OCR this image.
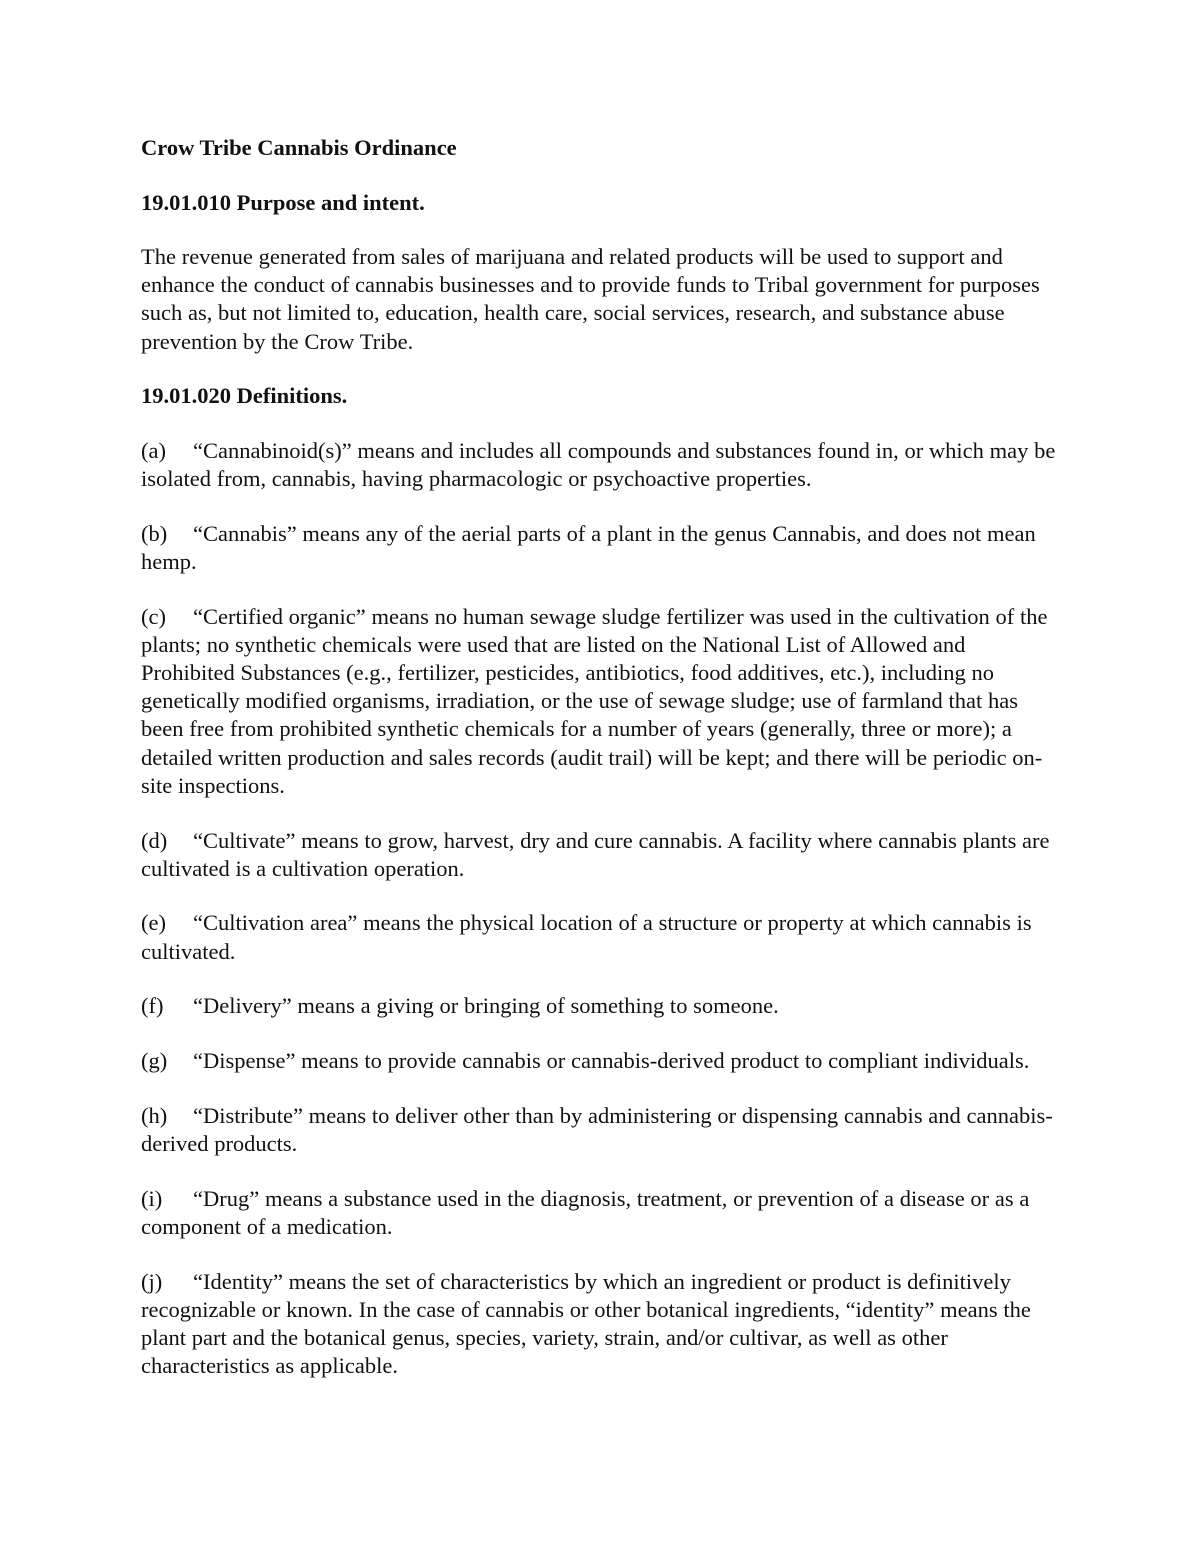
Crow Tribe Cannabis Ordinance

19.01.010 Purpose and intent.

The revenue generated from sales of marijuana and related products will be used to support and enhance the conduct of cannabis businesses and to provide funds to Tribal government for purposes such as, but not limited to, education, health care, social services, research, and substance abuse prevention by the Crow Tribe.

19.01.020 Definitions.

(a) “Cannabinoid(s)” means and includes all compounds and substances found in, or which may be isolated from, cannabis, having pharmacologic or psychoactive properties.

(b) “Cannabis” means any of the aerial parts of a plant in the genus Cannabis, and does not mean hemp.

(c) “Certified organic” means no human sewage sludge fertilizer was used in the cultivation of the plants; no synthetic chemicals were used that are listed on the National List of Allowed and Prohibited Substances (e.g., fertilizer, pesticides, antibiotics, food additives, etc.), including no genetically modified organisms, irradiation, or the use of sewage sludge; use of farmland that has been free from prohibited synthetic chemicals for a number of years (generally, three or more); a detailed written production and sales records (audit trail) will be kept; and there will be periodic on-site inspections.

(d) “Cultivate” means to grow, harvest, dry and cure cannabis. A facility where cannabis plants are cultivated is a cultivation operation.

(e) “Cultivation area” means the physical location of a structure or property at which cannabis is cultivated.

(f) “Delivery” means a giving or bringing of something to someone.

(g) “Dispense” means to provide cannabis or cannabis-derived product to compliant individuals.

(h) “Distribute” means to deliver other than by administering or dispensing cannabis and cannabis-derived products.

(i) “Drug” means a substance used in the diagnosis, treatment, or prevention of a disease or as a component of a medication.

(j) “Identity” means the set of characteristics by which an ingredient or product is definitively recognizable or known. In the case of cannabis or other botanical ingredients, “identity” means the plant part and the botanical genus, species, variety, strain, and/or cultivar, as well as other characteristics as applicable.
